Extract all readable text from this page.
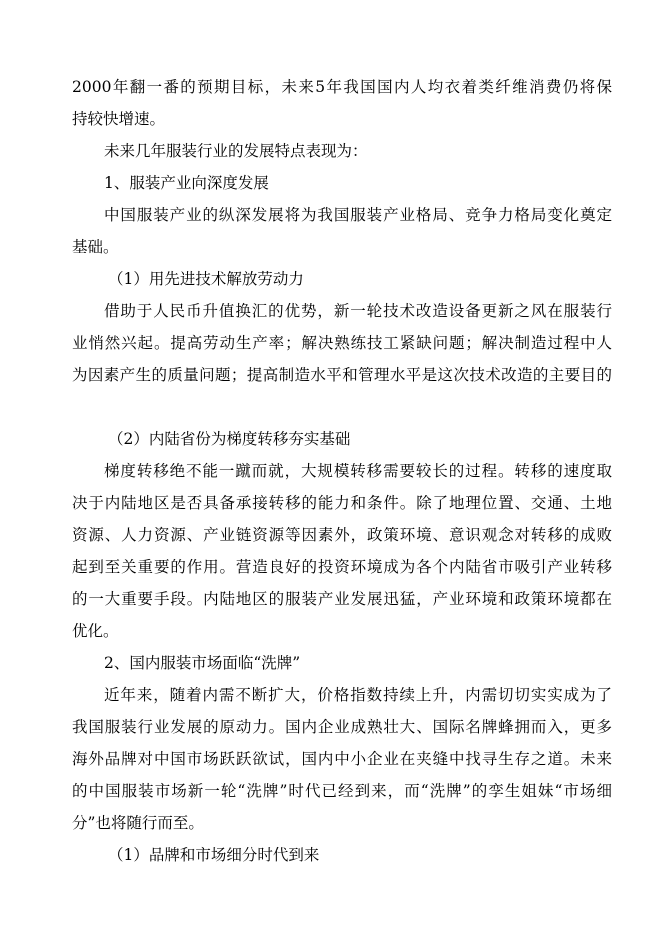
2000年翻一番的预期目标，未来5年我国国内人均衣着类纤维消费仍将保
持较快增速。
未来几年服装行业的发展特点表现为：
1、服装产业向深度发展
中国服装产业的纵深发展将为我国服装产业格局、竞争力格局变化奠定
基础。
（1）用先进技术解放劳动力
借助于人民币升值换汇的优势，新一轮技术改造设备更新之风在服装行
业悄然兴起。提高劳动生产率；解决熟练技工紧缺问题；解决制造过程中人
为因素产生的质量问题；提高制造水平和管理水平是这次技术改造的主要目的
（2）内陆省份为梯度转移夯实基础
梯度转移绝不能一蹴而就，大规模转移需要较长的过程。转移的速度取
决于内陆地区是否具备承接转移的能力和条件。除了地理位置、交通、土地
资源、人力资源、产业链资源等因素外，政策环境、意识观念对转移的成败
起到至关重要的作用。营造良好的投资环境成为各个内陆省市吸引产业转移
的一大重要手段。内陆地区的服装产业发展迅猛，产业环境和政策环境都在
优化。
2、国内服装市场面临“洗牌”
近年来，随着内需不断扩大，价格指数持续上升，内需切切实实成为了
我国服装行业发展的原动力。国内企业成熟壮大、国际名牌蜂拥而入，更多
海外品牌对中国市场跃跃欲试，国内中小企业在夹缝中找寻生存之道。未来
的中国服装市场新一轮“洗牌”时代已经到来，而“洗牌”的孪生姐妹“市场细
分”也将随行而至。
（1）品牌和市场细分时代到来
